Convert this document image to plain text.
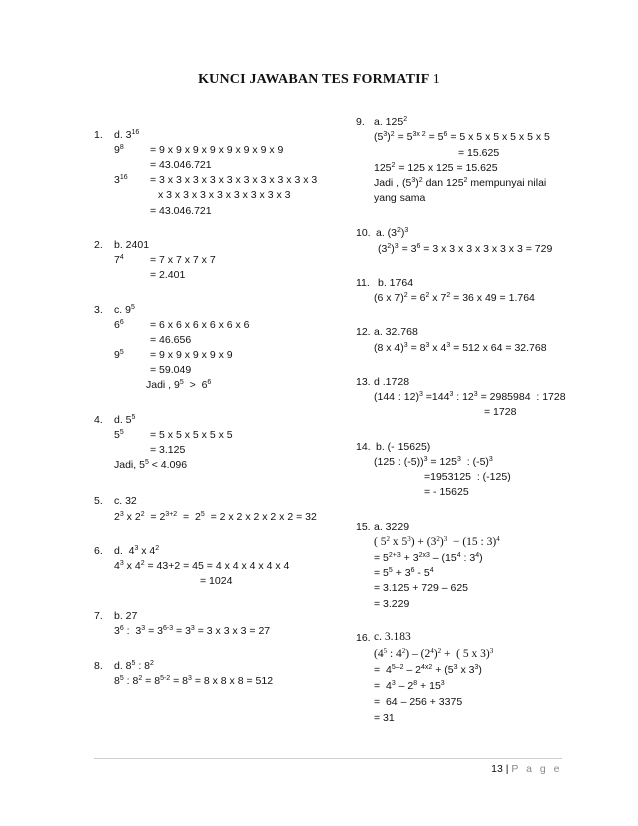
KUNCI JAWABAN TES FORMATIF 1
1. d. $3^{16}$
$9^8$	= 9 x 9 x 9 x 9 x 9 x 9 x 9 x 9
= 43.046.721
$3^{16} = 3$ x 3 x 3 x 3 x 3 x 3 x 3 x 3 x 3 x 3
x 3 x 3 x 3 x 3 x 3 x 3 x 3 x 3
= 43.046.721
2. b. 2401
$7^4$	= 7 x 7 x 7 x 7
= 2.401
3. c. $9^5$
$6^6$	= 6 x 6 x 6 x 6 x 6 x 6
= 46.656
$9^5$	= 9 x 9 x 9 x 9 x 9
= 59.049
Jadi , $9^5 > 6^6$
4. d. $5^5$
$5^5$	= 5 x 5 x 5 x 5 x 5
= 3.125
Jadi, $5^5 < 4.096$
5. c. 32
$2^3$ x $2^2 = 2^{3+2} = 2^5 = 2$ x 2 x 2 x 2 x 2 = 32
6. d.  $4^3$ x $4^2$
$4^3$ x $4^2 = 43+2 = 45 = 4$ x 4 x 4 x 4 x 4
= 1024
7. b. 27
$3^6$ :  $3^3 = 3^{6-3} = 3^3 = 3$ x 3 x 3 = 27
8. d. $8^5$ : $8^2$
$8^5$ : $8^2 = 8^{5-2} = 8^3 = 8$ x 8 x 8 = 512
9. a. $125^2$
$(5^3)^2 = 5^{3x 2} = 5^6 = 5$ x 5 x 5 x 5 x 5 x 5
= 15.625
$125^2 = 125$ x 125 = 15.625
Jadi , $(5^3)^2$ dan $125^2$ mempunyai nilai
yang sama
10. a. $(3^2)^3$
$(3^2)^3 = 3^6 = 3$ x 3 x 3 x 3 x 3 x 3 = 729
11. b. 1764
(6 x $7)^2 = 6^2$ x $7^2 = 36$ x 49 = 1.764
12. a. 32.768
(8 x $4)^3 = 8^3$ x $4^3 = 512$ x 64 = 32.768
13. d .1728
(144 : $12)^3 =144^3$ : $12^3 = 2985984$  : 1728
= 1728
14. b. (- 15625)
(125 : $(-5))^3 = 125^3$  : $(-5)^3$
=1953125  : (-125)
= - 15625
15. a. 3229
( $5^2$ x $5^3) + (3^2)^3 - (15$ : 3)$^4$
= $5^{2+3} + 3^{2x3} - (15^4$ : $3^4$)
= $5^5 + 3^6 - 5^4$
= 3.125 + 729 – 625
= 3.229
16. c. 3.183
($4^5$ : $4^2) - (2^4)^2$ +  ( 5 x 3)$^3$
=  $4^{5-2} - 2^{4x2} + (5^3$ x $3^3$)
=  $4^3 - 2^8 + 15^3$
=  64 – 256 + 3375
= 31
13 | P a g e
